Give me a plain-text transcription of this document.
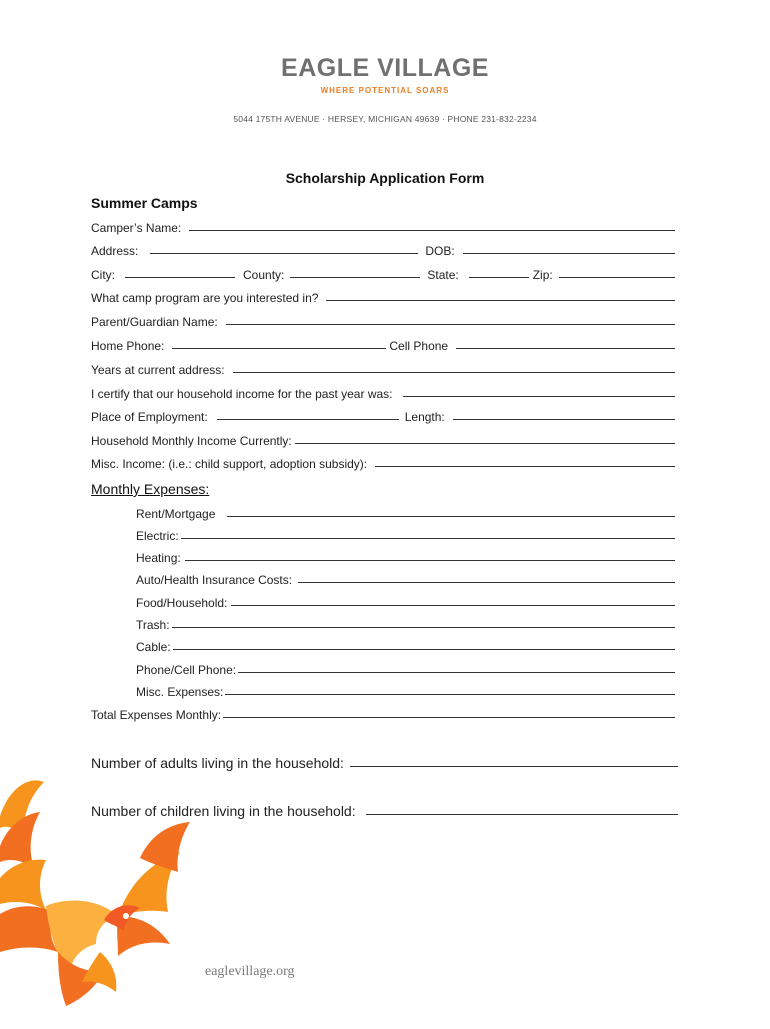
EAGLE VILLAGE
WHERE POTENTIAL SOARS
5044 175TH AVENUE · HERSEY, MICHIGAN 49639 · PHONE 231-832-2234
Scholarship Application Form
Summer Camps
Camper’s Name:
Address:	DOB:
City:	County:	State:	Zip:
What camp program are you interested in?
Parent/Guardian Name:
Home Phone:	Cell Phone
Years at current address:
I certify that our household income for the past year was:
Place of Employment:	Length:
Household Monthly Income Currently:
Misc. Income: (i.e.: child support, adoption subsidy):
Monthly Expenses:
Rent/Mortgage
Electric:
Heating:
Auto/Health Insurance Costs:
Food/Household:
Trash:
Cable:
Phone/Cell Phone:
Misc. Expenses:
Total Expenses Monthly:
Number of adults living in the household:
Number of children living in the household:
eaglevillage.org
